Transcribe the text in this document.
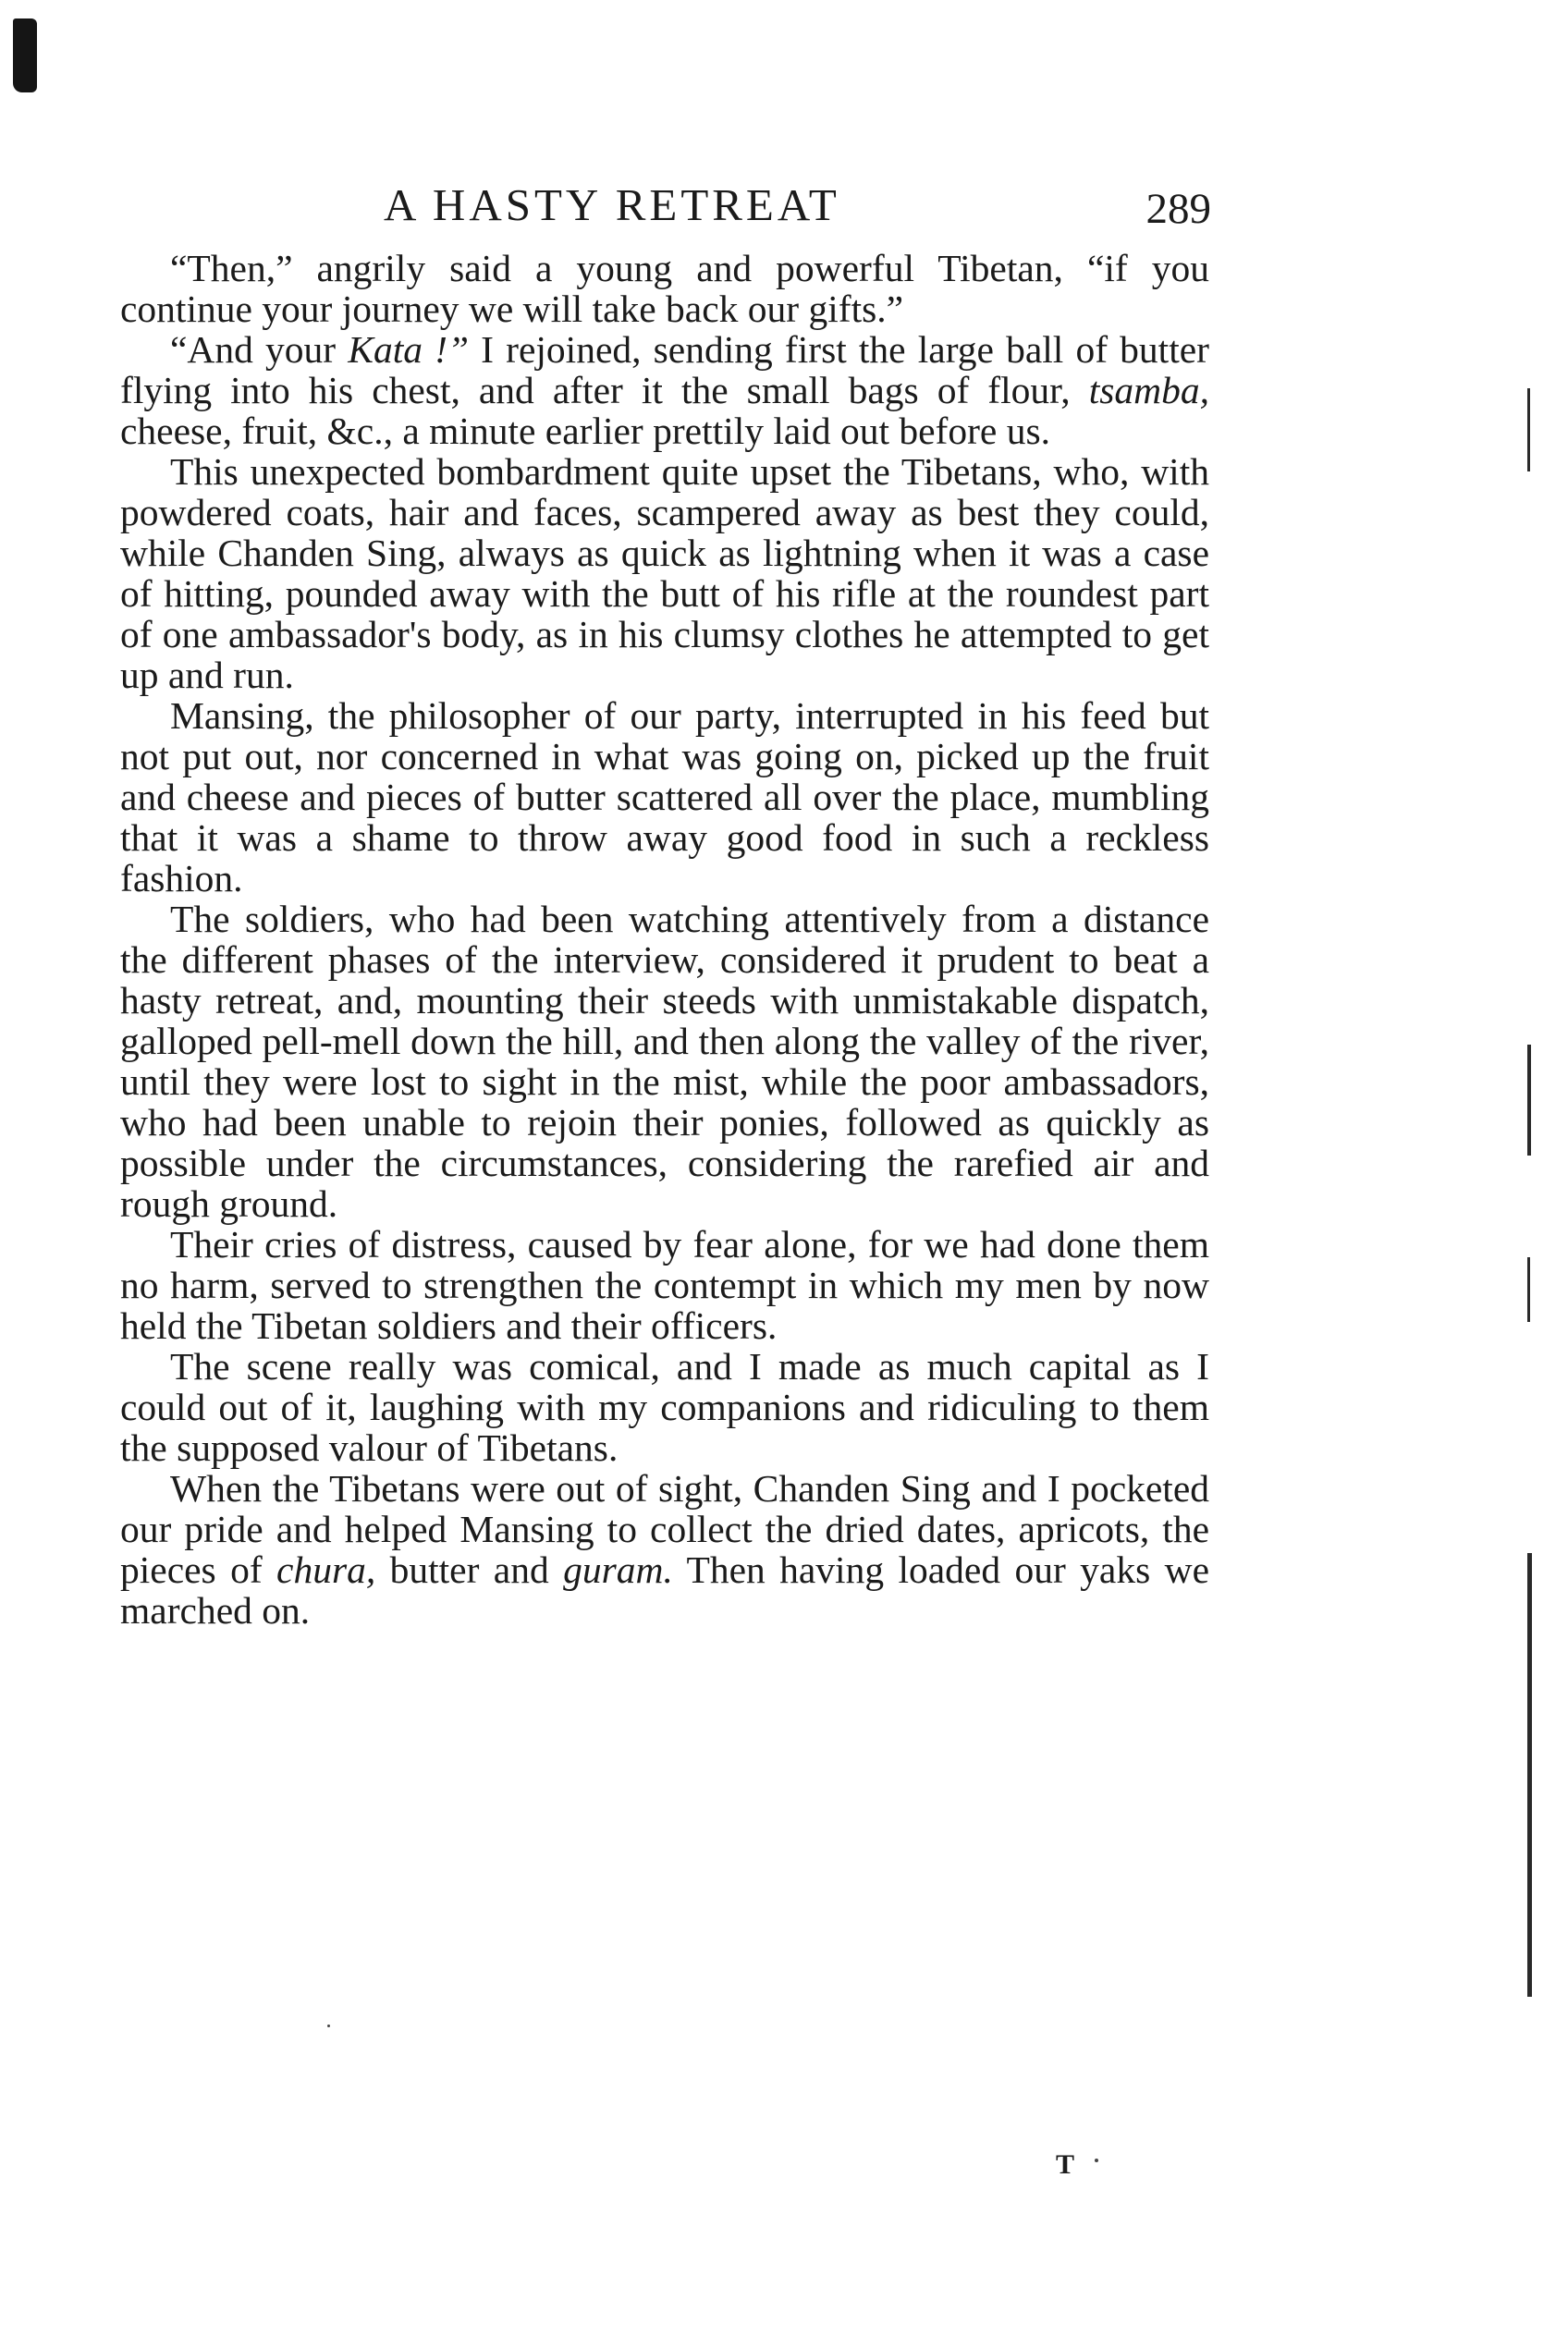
A HASTY RETREAT	289

“Then,” angrily said a young and powerful Tibetan, “if you continue your journey we will take back our gifts.”

“And your Kata !” I rejoined, sending first the large ball of butter flying into his chest, and after it the small bags of flour, tsamba, cheese, fruit, &c., a minute earlier prettily laid out before us.

This unexpected bombardment quite upset the Tibetans, who, with powdered coats, hair and faces, scampered away as best they could, while Chanden Sing, always as quick as lightning when it was a case of hitting, pounded away with the butt of his rifle at the roundest part of one ambassador's body, as in his clumsy clothes he attempted to get up and run.

Mansing, the philosopher of our party, interrupted in his feed but not put out, nor concerned in what was going on, picked up the fruit and cheese and pieces of butter scattered all over the place, mumbling that it was a shame to throw away good food in such a reckless fashion.

The soldiers, who had been watching attentively from a distance the different phases of the interview, considered it prudent to beat a hasty retreat, and, mounting their steeds with unmistakable dispatch, galloped pell-mell down the hill, and then along the valley of the river, until they were lost to sight in the mist, while the poor ambassadors, who had been unable to rejoin their ponies, followed as quickly as possible under the circumstances, considering the rarefied air and rough ground.

Their cries of distress, caused by fear alone, for we had done them no harm, served to strengthen the contempt in which my men by now held the Tibetan soldiers and their officers.

The scene really was comical, and I made as much capital as I could out of it, laughing with my companions and ridiculing to them the supposed valour of Tibetans.

When the Tibetans were out of sight, Chanden Sing and I pocketed our pride and helped Mansing to collect the dried dates, apricots, the pieces of chura, butter and guram. Then having loaded our yaks we marched on.

T
